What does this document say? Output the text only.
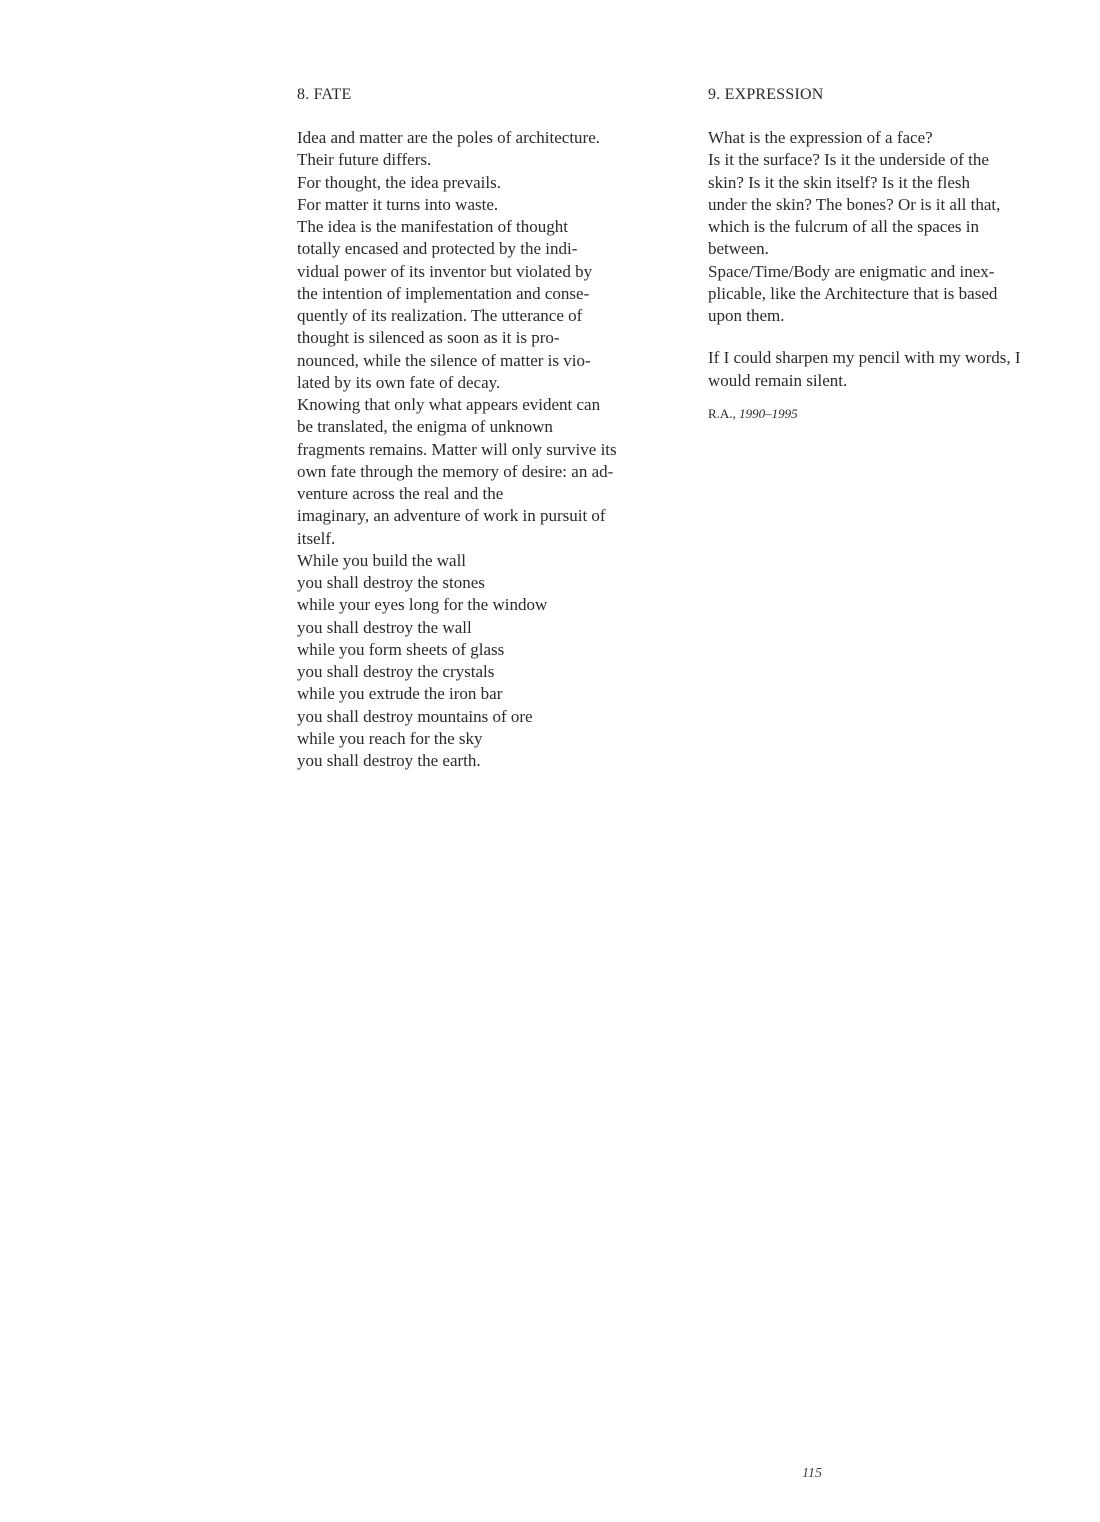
8. FATE
Idea and matter are the poles of architecture.
Their future differs.
For thought, the idea prevails.
For matter it turns into waste.
The idea is the manifestation of thought
totally encased and protected by the indi-
vidual power of its inventor but violated by
the intention of implementation and conse-
quently of its realization. The utterance of
thought is silenced as soon as it is pro-
nounced, while the silence of matter is vio-
lated by its own fate of decay.
Knowing that only what appears evident can
be translated, the enigma of unknown
fragments remains. Matter will only survive its
own fate through the memory of desire: an ad-
venture across the real and the
imaginary, an adventure of work in pursuit of
itself.
While you build the wall
you shall destroy the stones
while your eyes long for the window
you shall destroy the wall
while you form sheets of glass
you shall destroy the crystals
while you extrude the iron bar
you shall destroy mountains of ore
while you reach for the sky
you shall destroy the earth.
9. EXPRESSION
What is the expression of a face?
Is it the surface? Is it the underside of the
skin? Is it the skin itself? Is it the flesh
under the skin? The bones? Or is it all that,
which is the fulcrum of all the spaces in
between.
Space/Time/Body are enigmatic and inex-
plicable, like the Architecture that is based
upon them.
If I could sharpen my pencil with my words, I
would remain silent.
R.A., 1990–1995
115
